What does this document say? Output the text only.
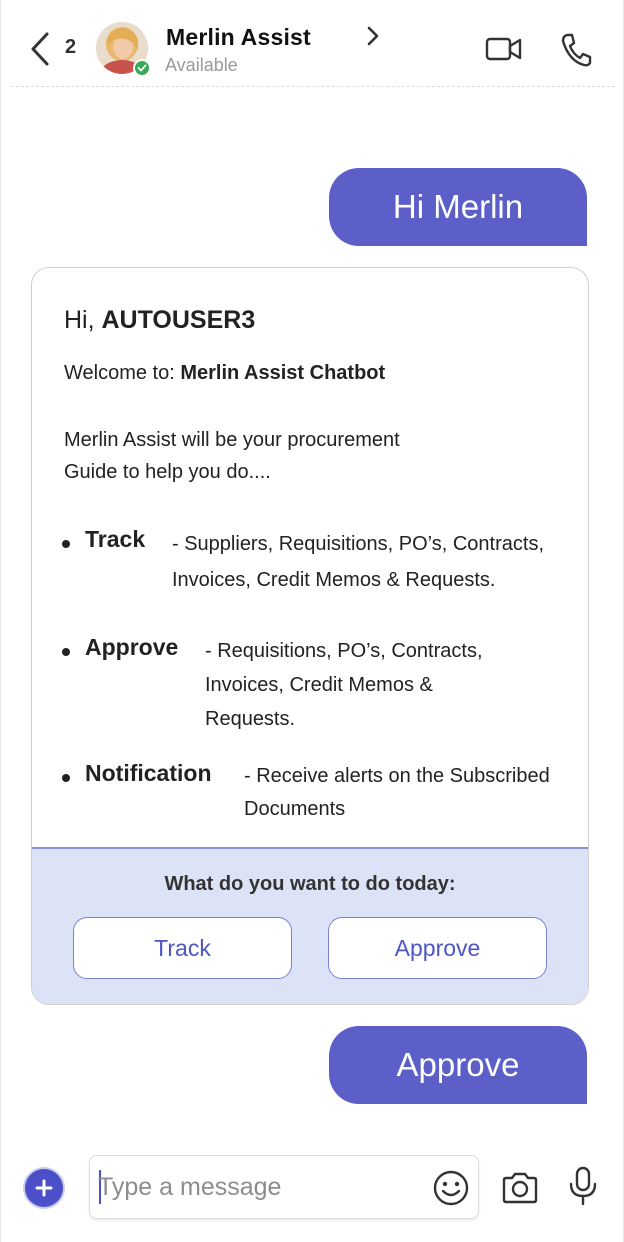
2	Merlin Assist
Available
Hi Merlin
Hi, AUTOUSER3
Welcome to: Merlin Assist Chatbot
Merlin Assist will be your procurement
Guide to help you do....
Track - Suppliers, Requisitions, PO’s, Contracts, Invoices, Credit Memos & Requests.
Approve - Requisitions, PO’s, Contracts, Invoices, Credit Memos & Requests.
Notification - Receive alerts on the Subscribed Documents
What do you want to do today:
Track	Approve
Approve
Type a message
